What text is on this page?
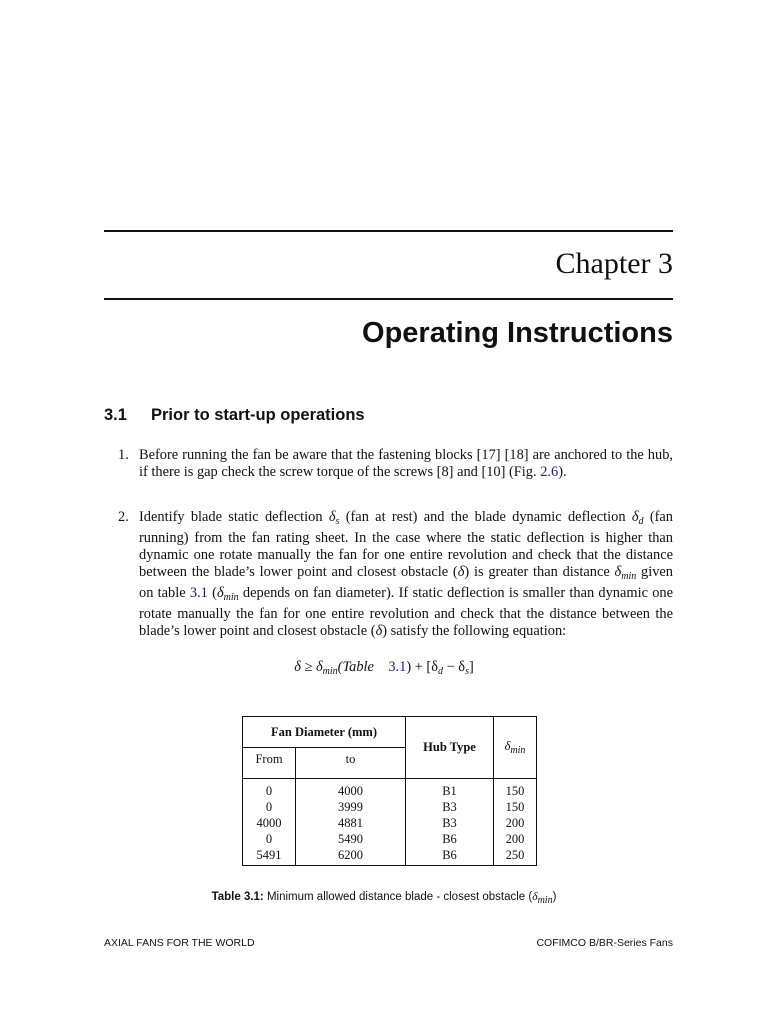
Chapter 3
Operating Instructions
3.1 Prior to start-up operations
1. Before running the fan be aware that the fastening blocks [17] [18] are anchored to the hub, if there is gap check the screw torque of the screws [8] and [10] (Fig. 2.6).
2. Identify blade static deflection $\delta_s$ (fan at rest) and the blade dynamic deflection $\delta_d$ (fan running) from the fan rating sheet. In the case where the static deflection is higher than dynamic one rotate manually the fan for one entire revolution and check that the distance between the blade’s lower point and closest obstacle (δ) is greater than distance $\delta_{min}$ given on table 3.1 ($\delta_{min}$ depends on fan diameter). If static deflection is smaller than dynamic one rotate manually the fan for one entire revolution and check that the distance between the blade’s lower point and closest obstacle (δ) satisfy the following equation:
$\delta \ge \delta_{min}(Table$ $3.1) + [\delta_d - \delta_s]$
Fan Diameter (mm)		Hub Type	$\delta_{min}$
From	to		
0	4000	B1	150
0	3999	B3	150
4000	4881	B3	200
0	5490	B6	200
5491	6200	B6	250
Table 3.1: Minimum allowed distance blade - closest obstacle (δmin)
AXIAL FANS FOR THE WORLD	COFIMCO B/BR-Series Fans
